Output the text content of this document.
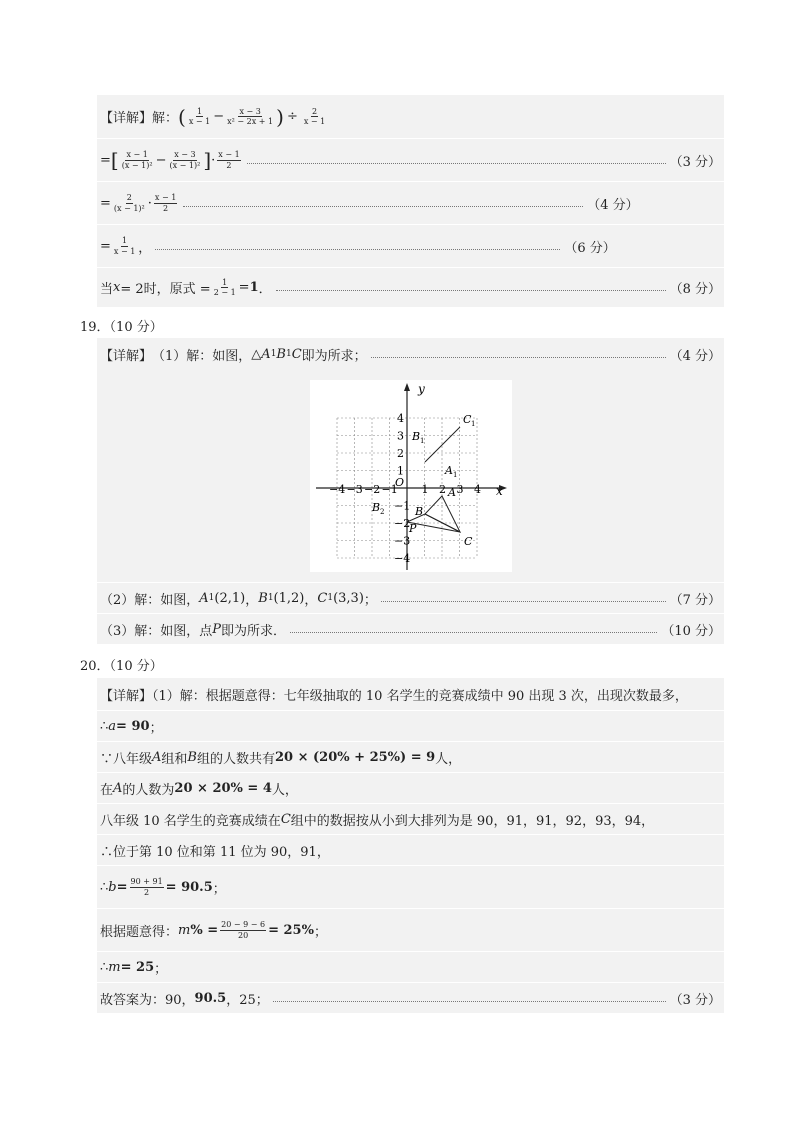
【详解】 解： ( $\frac{1}{x - 1} - \frac{x - 3}{\text{x² − 2x + 1}}$ ) ÷ $\frac{2}{x - 1}$
= [ $\frac{x - 1}{\text{(x − 1)²}} - \frac{x - 3}{\text{(x − 1)²}}$ ] · $\frac{x - 1}{2}$	（3 分）
= $\frac{2}{\text{(x − 1)²}} \cdot \frac{x - 1}{2}$	（4 分）
= $\frac{1}{x - 1}$ ，	（6 分）
当 x = 2时，原式 = $\frac{1}{2 - 1} = 1$ ．	（8 分）
19．（10 分）
【详解】 （1）解：如图， △ A 1 B 1 C 即为所求；	（4 分）
（2）解：如图， A 1 (2,1) ， B 1 (1,2) ， C 1 (3,3) ；	（7 分）
（3）解：如图，点 P 即为所求．	（10 分）
x
y
O
−4 −3 −2 −1 1 2 3 4
4
3
2
1
−1
−2
−3
−4
C 1
B 1
A 1
A
B
B 2
P
C
20．（10 分）
【详解】（1）解：根据题意得：七年级抽取的 10 名学生的竞赛成绩中 90 出现 3 次，出现次数最多，
∴ a = 90 ；
∵八年级 A 组和 B 组的人数共有 20 × (20% + 25%) = 9 人，
在 A 的人数为 20 × 20% = 4 人，
八年级 10 名学生的竞赛成绩在 C 组中的数据按从小到大排列为是 90，91，91，92，93，94，
∴位于第 10 位和第 11 位为 90，91，
∴ $b = \frac{90 + 91}{2} = 90.5$ ；
根据题意得： m % = $\frac{20 - 9 - 6}{20} = 25\%$ ；
∴ m = 25 ；
故答案为：90， 90.5 ，25；	（3 分）
